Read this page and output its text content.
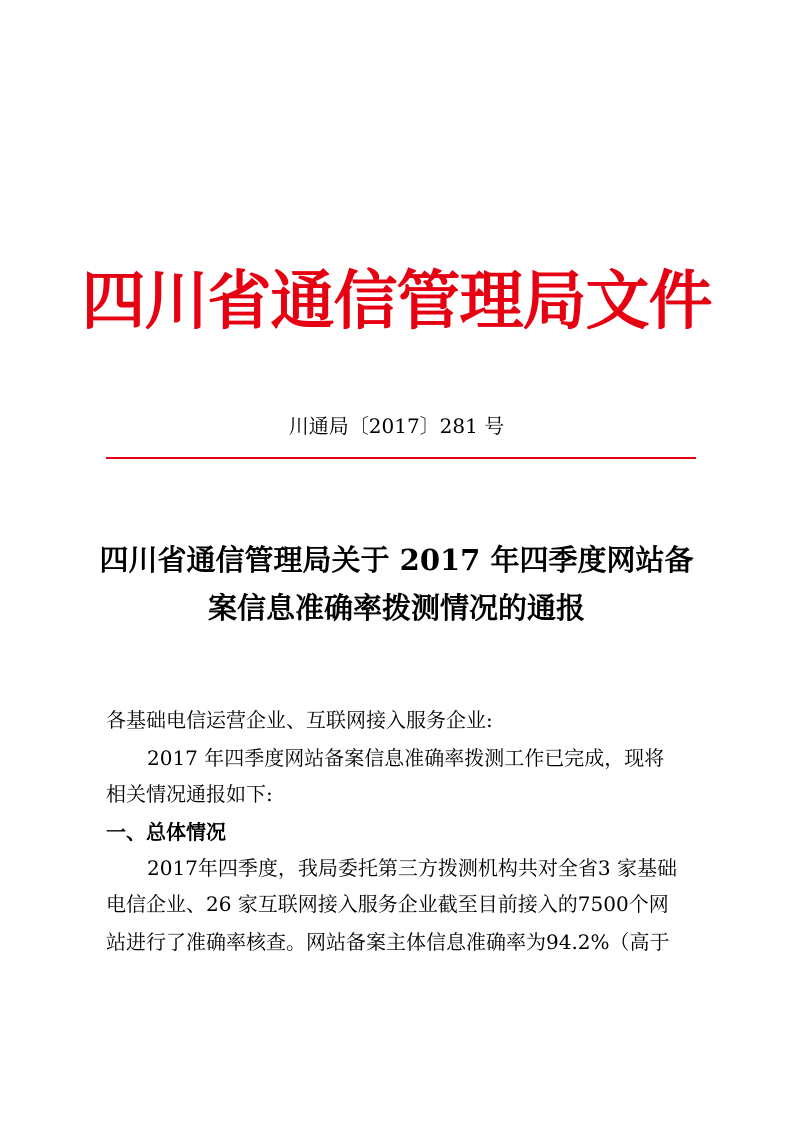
四川省通信管理局文件
川通局〔2017〕281 号
四川省通信管理局关于 2017 年四季度网站备
案信息准确率拨测情况的通报
各基础电信运营企业、互联网接入服务企业:
2017 年四季度网站备案信息准确率拨测工作已完成，现将
相关情况通报如下:
一、总体情况
2017年四季度，我局委托第三方拨测机构共对全省3 家基础
电信企业、26 家互联网接入服务企业截至目前接入的7500个网
站进行了准确率核查。网站备案主体信息准确率为94.2%（高于
